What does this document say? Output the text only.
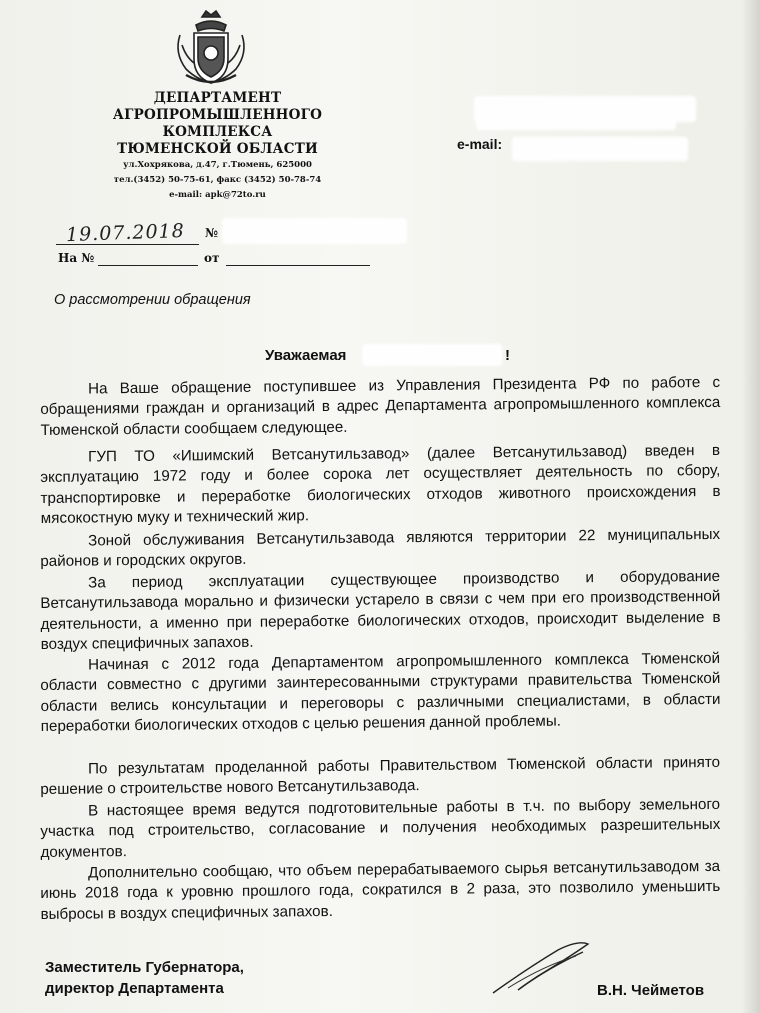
ДЕПАРТАМЕНТ
АГРОПРОМЫШЛЕННОГО
КОМПЛЕКСА
ТЮМЕНСКОЙ ОБЛАСТИ
ул.Хохрякова, д.47, г.Тюмень, 625000
тел.(3452) 50-75-61, факс (3452) 50-78-74
e-mail: apk@72to.ru
e-mail:
19.07.2018 №
На №	от
О рассмотрении обращения
Уважаемая	!

На Ваше обращение поступившее из Управления Президента РФ по работе с обращениями граждан и организаций в адрес Департамента агропромышленного комплекса Тюменской области сообщаем следующее.

ГУП ТО «Ишимский Ветсанутильзавод» (далее Ветсанутильзавод) введен в эксплуатацию 1972 году и более сорока лет осуществляет деятельность по сбору, транспортировке и переработке биологических отходов животного происхождения в мясокостную муку и технический жир.

Зоной обслуживания Ветсанутильзавода являются территории 22 муниципальных районов и городских округов.

За период эксплуатации существующее производство и оборудование Ветсанутильзавода морально и физически устарело в связи с чем при его производственной деятельности, а именно при переработке биологических отходов, происходит выделение в воздух специфичных запахов.

Начиная с 2012 года Департаментом агропромышленного комплекса Тюменской области совместно с другими заинтересованными структурами правительства Тюменской области велись консультации и переговоры с различными специалистами, в области переработки биологических отходов с целью решения данной проблемы.

По результатам проделанной работы Правительством Тюменской области принято решение о строительстве нового Ветсанутильзавода.

В настоящее время ведутся подготовительные работы в т.ч. по выбору земельного участка под строительство, согласование и получения необходимых разрешительных документов.

Дополнительно сообщаю, что объем перерабатываемого сырья ветсанутильзаводом за июнь 2018 года к уровню прошлого года, сократился в 2 раза, это позволило уменьшить выбросы в воздух специфичных запахов.

Заместитель Губернатора,
директор Департамента	В.Н. Чейметов
